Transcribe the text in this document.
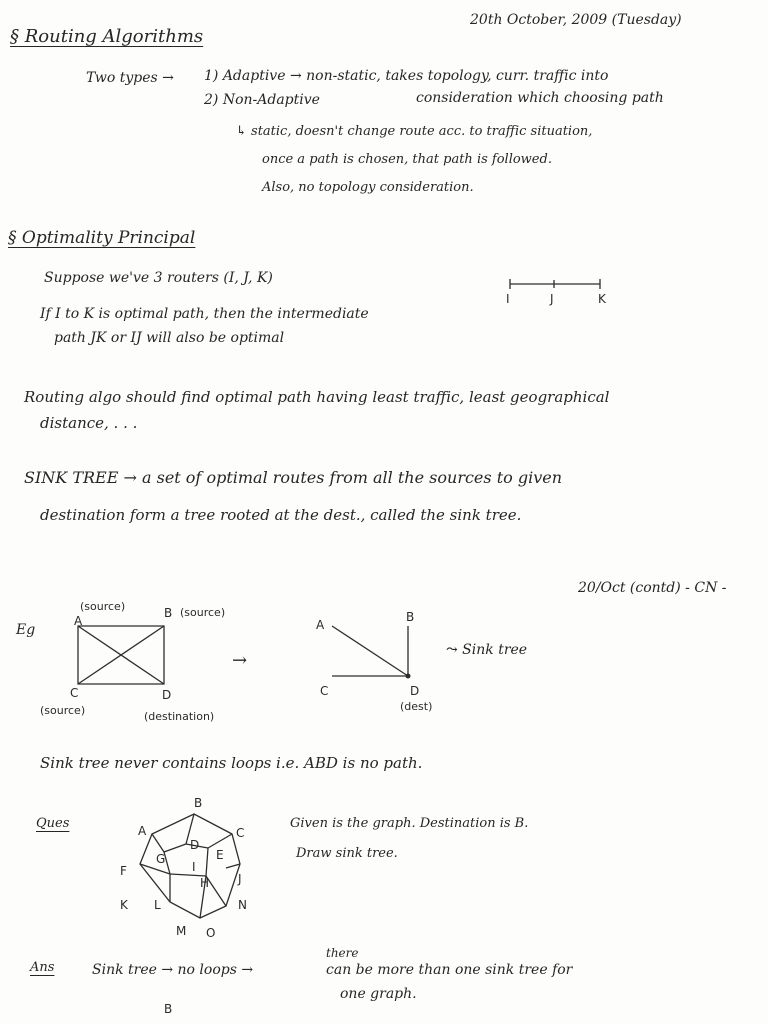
20th October, 2009 (Tuesday)
§ Routing Algorithms
Two types → 1) Adaptive → non-static, takes topology, curr. traffic into
consideration which choosing path
2) Non-Adaptive
↳ static, doesn't change route acc. to traffic situation,
once a path is chosen, that path is followed.
Also, no topology consideration.
§ Optimality Principal
Suppose we've 3 routers (I, J, K)
If I to K is optimal path, then the intermediate
path JK or IJ will also be optimal
I	J	K
Routing algo should find optimal path having least traffic, least geographical
distance, . . .
SINK TREE → a set of optimal routes from all the sources to given
destination form a tree rooted at the dest., called the sink tree.
20/Oct (contd) - CN -
Eg
A
(source)	B (source)
C
(source)
D
(destination)
→
A
B
C	D
(dest)
⤳ Sink tree
Sink tree never contains loops i.e. ABD is no path.
Ques
B
A	C
D
E
F
G
H
I
J
K L
M
N
O
Given is the graph. Destination is B.
Draw sink tree.
Ans	Sink tree → no loops →
there
can be more than one sink tree for
one graph.
B
